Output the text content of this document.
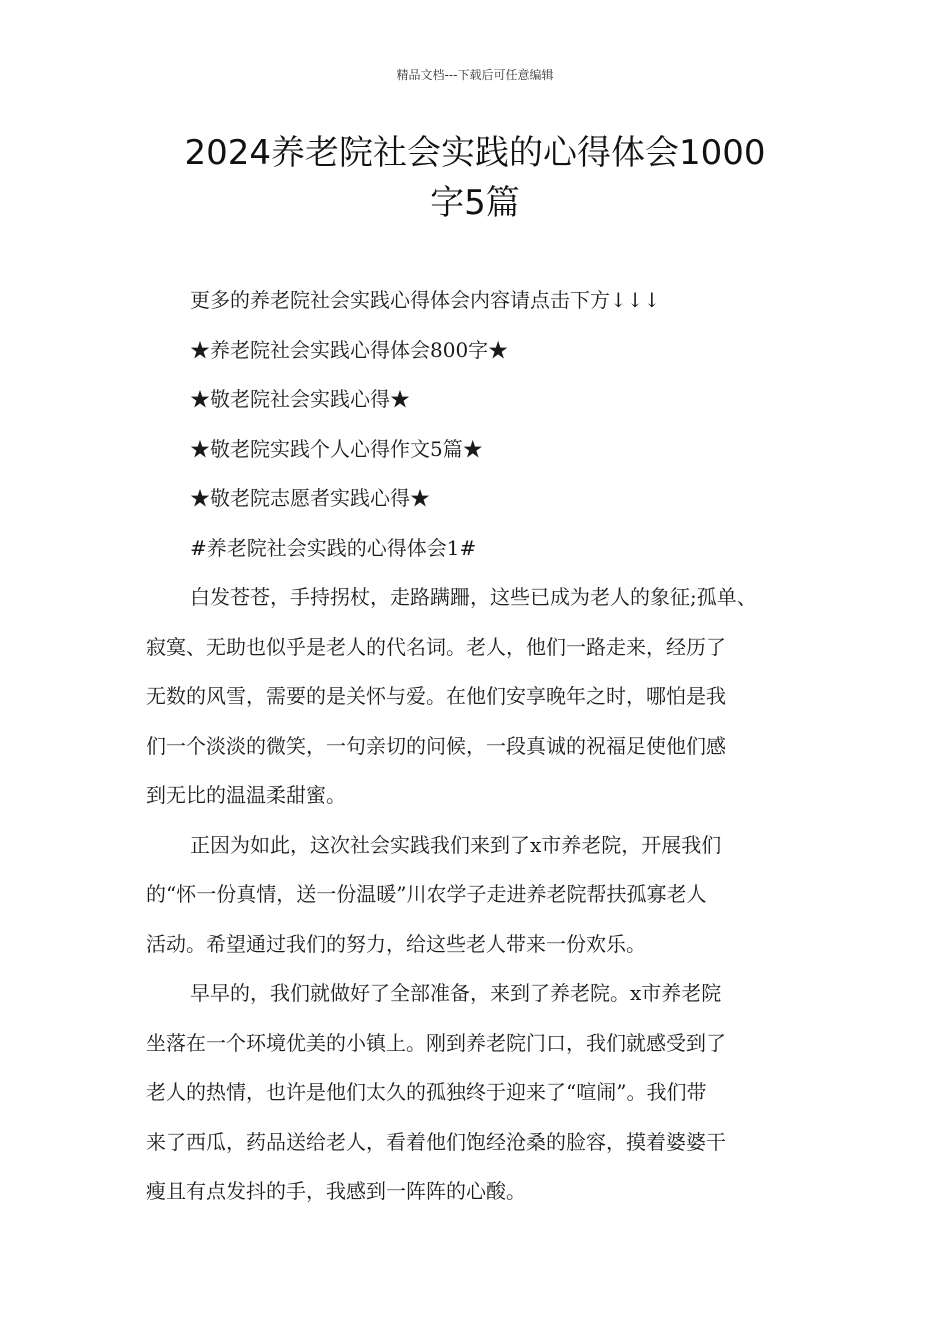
精品文档---下载后可任意编辑
2024养老院社会实践的心得体会1000
字5篇
更多的养老院社会实践心得体会内容请点击下方↓↓↓
★养老院社会实践心得体会800字★
★敬老院社会实践心得★
★敬老院实践个人心得作文5篇★
★敬老院志愿者实践心得★
#养老院社会实践的心得体会1#
白发苍苍，手持拐杖，走路蹒跚，这些已成为老人的象征;孤单、
寂寞、无助也似乎是老人的代名词。老人，他们一路走来，经历了
无数的风雪，需要的是关怀与爱。在他们安享晚年之时，哪怕是我
们一个淡淡的微笑，一句亲切的问候，一段真诚的祝福足使他们感
到无比的温温柔甜蜜。
正因为如此，这次社会实践我们来到了x市养老院，开展我们
的“怀一份真情，送一份温暖”川农学子走进养老院帮扶孤寡老人
活动。希望通过我们的努力，给这些老人带来一份欢乐。
早早的，我们就做好了全部准备，来到了养老院。x市养老院
坐落在一个环境优美的小镇上。刚到养老院门口，我们就感受到了
老人的热情，也许是他们太久的孤独终于迎来了“喧闹”。我们带
来了西瓜，药品送给老人，看着他们饱经沧桑的脸容，摸着婆婆干
瘦且有点发抖的手，我感到一阵阵的心酸。
